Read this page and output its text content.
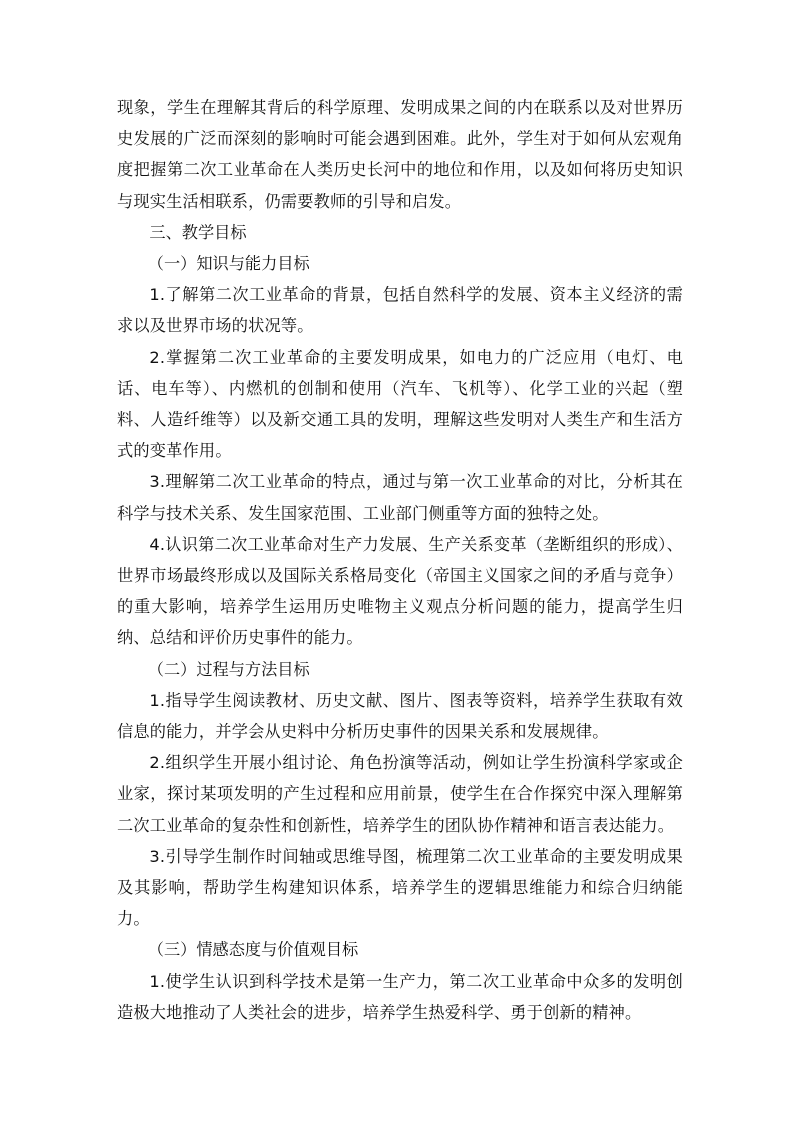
现象，学生在理解其背后的科学原理、发明成果之间的内在联系以及对世界历史发展的广泛而深刻的影响时可能会遇到困难。此外，学生对于如何从宏观角度把握第二次工业革命在人类历史长河中的地位和作用，以及如何将历史知识与现实生活相联系，仍需要教师的引导和启发。

三、教学目标

（一）知识与能力目标

1.了解第二次工业革命的背景，包括自然科学的发展、资本主义经济的需求以及世界市场的状况等。

2.掌握第二次工业革命的主要发明成果，如电力的广泛应用（电灯、电话、电车等）、内燃机的创制和使用（汽车、飞机等）、化学工业的兴起（塑料、人造纤维等）以及新交通工具的发明，理解这些发明对人类生产和生活方式的变革作用。

3.理解第二次工业革命的特点，通过与第一次工业革命的对比，分析其在科学与技术关系、发生国家范围、工业部门侧重等方面的独特之处。

4.认识第二次工业革命对生产力发展、生产关系变革（垄断组织的形成）、世界市场最终形成以及国际关系格局变化（帝国主义国家之间的矛盾与竞争）的重大影响，培养学生运用历史唯物主义观点分析问题的能力，提高学生归纳、总结和评价历史事件的能力。

（二）过程与方法目标

1.指导学生阅读教材、历史文献、图片、图表等资料，培养学生获取有效信息的能力，并学会从史料中分析历史事件的因果关系和发展规律。

2.组织学生开展小组讨论、角色扮演等活动，例如让学生扮演科学家或企业家，探讨某项发明的产生过程和应用前景，使学生在合作探究中深入理解第二次工业革命的复杂性和创新性，培养学生的团队协作精神和语言表达能力。

3.引导学生制作时间轴或思维导图，梳理第二次工业革命的主要发明成果及其影响，帮助学生构建知识体系，培养学生的逻辑思维能力和综合归纳能力。

（三）情感态度与价值观目标

1.使学生认识到科学技术是第一生产力，第二次工业革命中众多的发明创造极大地推动了人类社会的进步，培养学生热爱科学、勇于创新的精神。
